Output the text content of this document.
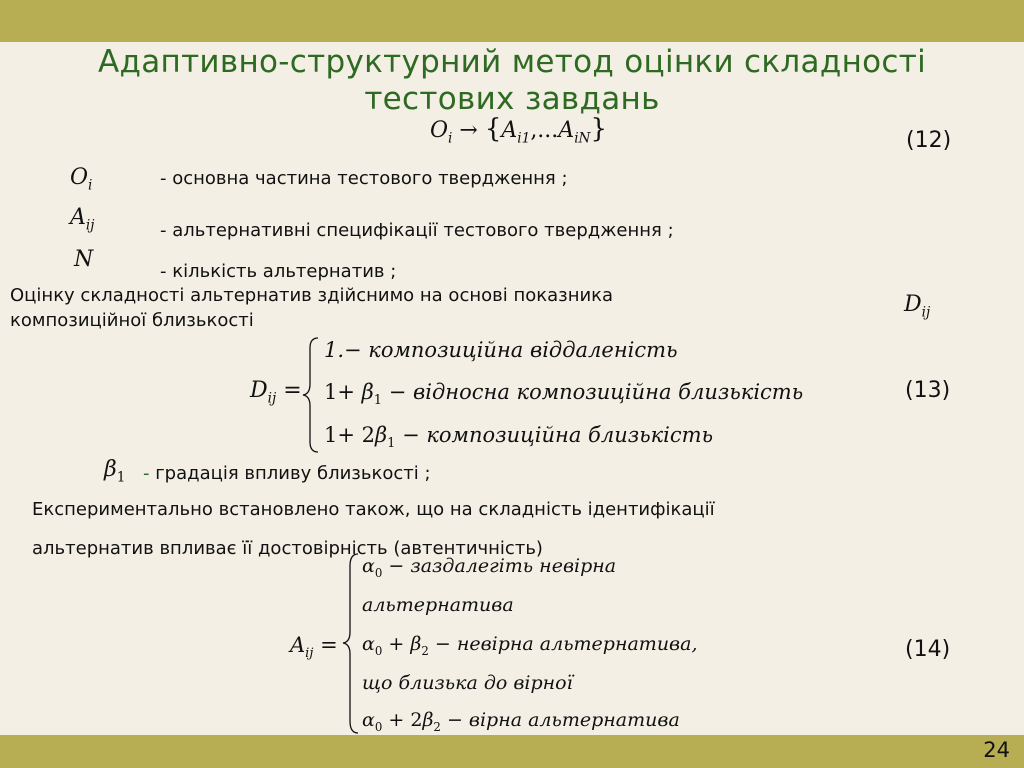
24
Адаптивно-структурний метод оцінки складності тестових завдань
$O_i \to \{A_{i1},...A_{iN}\}$	(12)
$O_i$	- основна частина тестового твердження ;
$A_{ij}$	- альтернативні специфікації тестового твердження ;
N	- кількість альтернатив ;
Оцінку складності альтернатив здійснимо на основі показника
композиційної близькості
$D_{ij}$
$D_{ij}$ =
1.− композиційна віддаленість
$1+ \beta_1$ − відносна композиційна близькість
$1+ 2\beta_1$ − композиційна близькість
(13)
$\beta_1$ - градація впливу близькості ;
Експериментально встановлено також, що на складність ідентифікації
альтернатив впливає її достовірність (автентичність)
$A_{ij}$ =
$\alpha_0$ − заздалегіть невірна
альтернатива
$\alpha_0 + \beta_2$ − невірна альтернатива,
що близька до вірної
$\alpha_0 + 2\beta_2$ − вірна альтернатива
(14)
